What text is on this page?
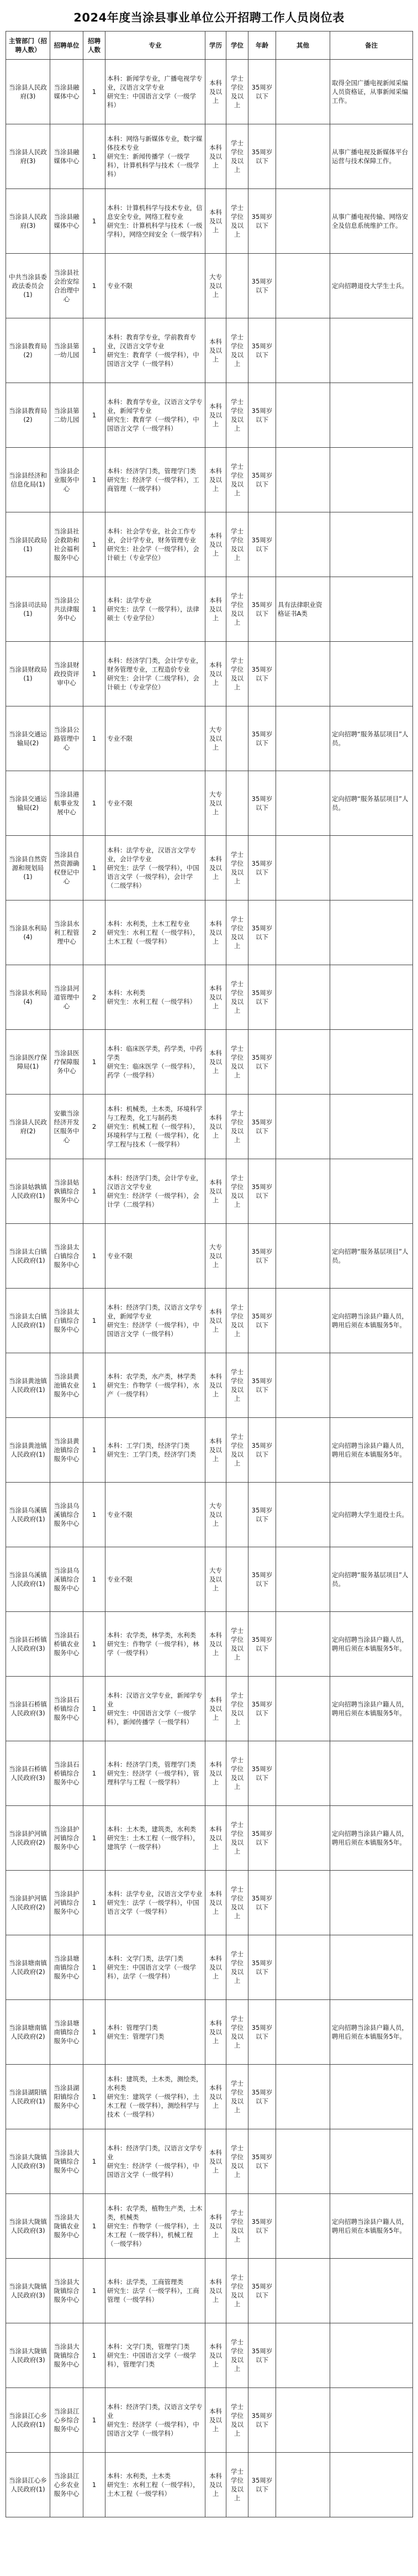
2024年度当涂县事业单位公开招聘工作人员岗位表
主管部门（招聘人数）	招聘单位	招聘人数	专业	学历	学位	年龄	其他	备注
当涂县人民政府(3)	当涂县融媒体中心	1	本科：新闻学专业，广播电视学专业，汉语言文学专业
研究生：中国语言文学（一级学科）	本科及以上	学士学位及以上	35周岁以下		取得全国广播电视新闻采编人员资格证，从事新闻采编工作。
当涂县人民政府(3)	当涂县融媒体中心	1	本科：网络与新媒体专业，数字媒体技术专业
研究生：新闻传播学（一级学科），计算机科学与技术（一级学科）	本科及以上	学士学位及以上	35周岁以下		从事广播电视及新媒体平台运营与技术保障工作。
当涂县人民政府(3)	当涂县融媒体中心	1	本科：计算机科学与技术专业，信息安全专业，网络工程专业
研究生：计算机科学与技术（一级学科），网络空间安全（一级学科）	本科及以上	学士学位及以上	35周岁以下		从事广播电视传输、网络安全及信息系统维护工作。
中共当涂县委政法委员会(1)	当涂县社会治安综合治理中心	1	专业不限	大专及以上		35周岁以下		定向招聘退役大学生士兵。
当涂县教育局(2)	当涂县第一幼儿园	1	本科：教育学专业，学前教育专业，汉语言文学专业
研究生：教育学（一级学科），中国语言文学（一级学科）	本科及以上	学士学位及以上	35周岁以下		
当涂县教育局(2)	当涂县第二幼儿园	1	本科：教育学专业，汉语言文学专业，新闻学专业
研究生：教育学（一级学科），中国语言文学（一级学科）	本科及以上	学士学位及以上	35周岁以下		
当涂县经济和信息化局(1)	当涂县企业服务中心	1	本科：经济学门类，管理学门类
研究生：经济学（一级学科），工商管理（一级学科）	本科及以上	学士学位及以上	35周岁以下		
当涂县民政局(1)	当涂县社会救助和社会福利服务中心	1	本科：社会学专业，社会工作专业，会计学专业，财务管理专业
研究生：社会学（一级学科），会计硕士（专业学位）	本科及以上	学士学位及以上	35周岁以下		
当涂县司法局(1)	当涂县公共法律服务中心	1	本科：法学专业
研究生：法学（一级学科），法律硕士（专业学位）	本科及以上	学士学位及以上	35周岁以下	具有法律职业资格证书A类	
当涂县财政局(1)	当涂县财政投资评审中心	1	本科：经济学门类，会计学专业，财务管理专业，工程造价专业
研究生：会计学（二级学科），会计硕士（专业学位）	本科及以上	学士学位及以上	35周岁以下		
当涂县交通运输局(2)	当涂县公路管理中心	1	专业不限	大专及以上		35周岁以下		定向招聘“服务基层项目”人员。
当涂县交通运输局(2)	当涂县港航事业发展中心	1	专业不限	大专及以上		35周岁以下		定向招聘“服务基层项目”人员。
当涂县自然资源和规划局(1)	当涂县自然资源确权登记中心	1	本科：法学专业，汉语言文学专业，会计学专业
研究生：法学（一级学科），中国语言文学（一级学科），会计学（二级学科）	本科及以上	学士学位及以上	35周岁以下		
当涂县水利局(4)	当涂县水利工程管理中心	2	本科：水利类，土木工程专业
研究生：水利工程（一级学科），土木工程（一级学科）	本科及以上	学士学位及以上	35周岁以下		
当涂县水利局(4)	当涂县河道管理中心	2	本科：水利类
研究生：水利工程（一级学科）	本科及以上	学士学位及以上	35周岁以下		
当涂县医疗保障局(1)	当涂县医疗保障服务中心	1	本科：临床医学类，药学类，中药学类
研究生：临床医学（一级学科），药学（一级学科）	本科及以上	学士学位及以上	35周岁以下		
当涂县人民政府(2)	安徽当涂经济开发区服务中心	2	本科：机械类，土木类，环境科学与工程类，化工与制药类
研究生：机械工程（一级学科），环境科学与工程（一级学科），化学工程与技术（一级学科）	本科及以上	学士学位及以上	35周岁以下		
当涂县姑孰镇人民政府(1)	当涂县姑孰镇综合服务中心	1	本科：经济学门类，会计学专业，汉语言文学专业
研究生：经济学（一级学科），会计学（二级学科）	本科及以上	学士学位及以上	35周岁以下		
当涂县太白镇人民政府(1)	当涂县太白镇综合服务中心	1	专业不限	大专及以上		35周岁以下		定向招聘“服务基层项目”人员。
当涂县太白镇人民政府(1)	当涂县太白镇综合服务中心	1	本科：经济学门类，汉语言文学专业，新闻学专业
研究生：经济学（一级学科），中国语言文学（一级学科）	本科及以上	学士学位及以上	35周岁以下		定向招聘当涂县户籍人员，聘用后须在本镇服务5年。
当涂县黄池镇人民政府(1)	当涂县黄池镇农业服务中心	1	本科：农学类，水产类，林学类
研究生：作物学（一级学科），水产（一级学科）	本科及以上	学士学位及以上	35周岁以下		
当涂县黄池镇人民政府(1)	当涂县黄池镇综合服务中心	1	本科：工学门类，经济学门类
研究生：工学门类，经济学门类	本科及以上	学士学位及以上	35周岁以下		定向招聘当涂县户籍人员，聘用后须在本镇服务5年。
当涂县乌溪镇人民政府(1)	当涂县乌溪镇综合服务中心	1	专业不限	大专及以上		35周岁以下		定向招聘大学生退役士兵。
当涂县乌溪镇人民政府(1)	当涂县乌溪镇综合服务中心	1	专业不限	大专及以上		35周岁以下		定向招聘“服务基层项目”人员。
当涂县石桥镇人民政府(3)	当涂县石桥镇农业服务中心	1	本科：农学类，林学类，水利类
研究生：作物学（一级学科），林学（一级学科）	本科及以上	学士学位及以上	35周岁以下		定向招聘当涂县户籍人员，聘用后须在本镇服务5年。
当涂县石桥镇人民政府(3)	当涂县石桥镇综合服务中心	1	本科：汉语言文学专业，新闻学专业
研究生：中国语言文学（一级学科），新闻传播学（一级学科）	本科及以上	学士学位及以上	35周岁以下		定向招聘当涂县户籍人员，聘用后须在本镇服务5年。
当涂县石桥镇人民政府(3)	当涂县石桥镇综合服务中心	1	本科：经济学门类，管理学门类
研究生：经济学（一级学科），管理科学与工程（一级学科）	本科及以上	学士学位及以上	35周岁以下		
当涂县护河镇人民政府(2)	当涂县护河镇综合服务中心	1	本科：土木类，建筑类，水利类
研究生：土木工程（一级学科），建筑学（一级学科）	本科及以上	学士学位及以上	35周岁以下		定向招聘当涂县户籍人员，聘用后须在本镇服务5年。
当涂县护河镇人民政府(2)	当涂县护河镇综合服务中心	1	本科：法学专业，汉语言文学专业
研究生：法学（一级学科），中国语言文学（一级学科）	本科及以上	学士学位及以上	35周岁以下		
当涂县塘南镇人民政府(2)	当涂县塘南镇综合服务中心	1	本科：文学门类，法学门类
研究生：中国语言文学（一级学科），法学（一级学科）	本科及以上	学士学位及以上	35周岁以下		
当涂县塘南镇人民政府(2)	当涂县塘南镇综合服务中心	1	本科：管理学门类
研究生：管理学门类	本科及以上	学士学位及以上	35周岁以下		定向招聘当涂县户籍人员，聘用后须在本镇服务5年。
当涂县湖阳镇人民政府(1)	当涂县湖阳镇综合服务中心	1	本科：建筑类，土木类，测绘类，水利类
研究生：建筑学（一级学科），土木工程（一级学科），测绘科学与技术（一级学科）	本科及以上	学士学位及以上	35周岁以下		
当涂县大陇镇人民政府(3)	当涂县大陇镇综合服务中心	1	本科：经济学门类，汉语言文学专业
研究生：经济学（一级学科），中国语言文学（一级学科）	本科及以上	学士学位及以上	35周岁以下		
当涂县大陇镇人民政府(3)	当涂县大陇镇农业服务中心	1	本科：农学类，植物生产类，土木类，机械类
研究生：作物学（一级学科），土木工程（一级学科），机械工程（一级学科）	本科及以上	学士学位及以上	35周岁以下		定向招聘当涂县户籍人员，聘用后须在本镇服务5年。
当涂县大陇镇人民政府(3)	当涂县大陇镇综合服务中心	1	本科：法学类，工商管理类
研究生：法学（一级学科），工商管理（一级学科）	本科及以上	学士学位及以上	35周岁以下		
当涂县大陇镇人民政府(3)	当涂县大陇镇综合服务中心	1	本科：文学门类，管理学门类
研究生：中国语言文学（一级学科），管理学门类	本科及以上	学士学位及以上	35周岁以下		
当涂县江心乡人民政府(1)	当涂县江心乡综合服务中心	1	本科：经济学门类，汉语言文学专业
研究生：经济学（一级学科），中国语言文学（一级学科）	本科及以上	学士学位及以上	35周岁以下		
当涂县江心乡人民政府(1)	当涂县江心乡农业服务中心	1	本科：水利类，土木类
研究生：水利工程（一级学科），土木工程（一级学科）	本科及以上	学士学位及以上	35周岁以下		
